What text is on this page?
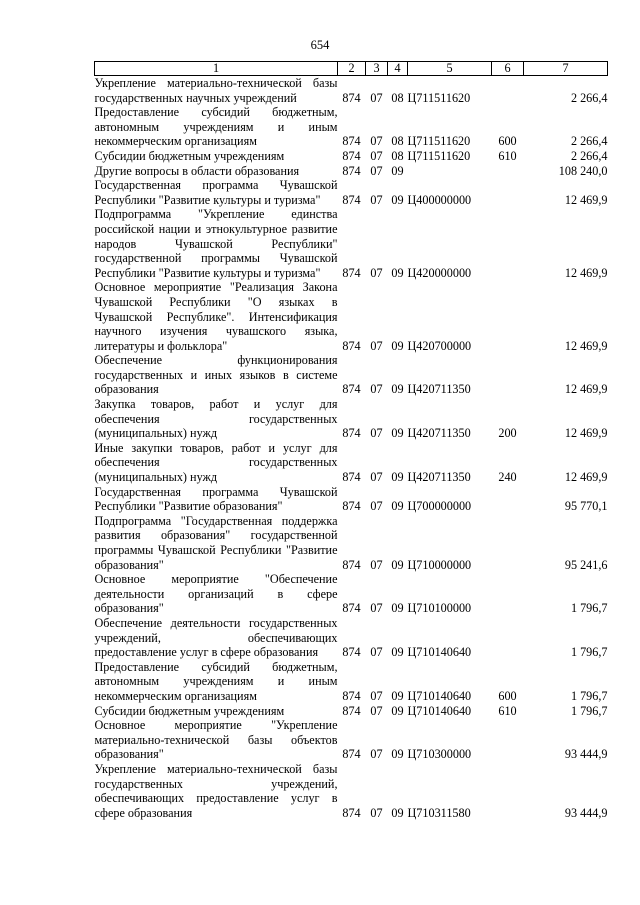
654
1	2	3	4	5	6	7
Укрепление материально-технической базы государственных научных учреждений	874	07	08	Ц711511620		2 266,4
Предоставление субсидий бюджетным, автономным учреждениям и иным некоммерческим организациям	874	07	08	Ц711511620	600	2 266,4
Субсидии бюджетным учреждениям	874	07	08	Ц711511620	610	2 266,4
Другие вопросы в области образования	874	07	09			108 240,0
Государственная программа Чувашской Республики "Развитие культуры и туризма"	874	07	09	Ц400000000		12 469,9
Подпрограмма "Укрепление единства российской нации и этнокультурное развитие народов Чувашской Республики" государственной программы Чувашской Республики "Развитие культуры и туризма"	874	07	09	Ц420000000		12 469,9
Основное мероприятие "Реализация Закона Чувашской Республики "О языках в Чувашской Республике". Интенсификация научного изучения чувашского языка, литературы и фольклора"	874	07	09	Ц420700000		12 469,9
Обеспечение функционирования государственных и иных языков в системе образования	874	07	09	Ц420711350		12 469,9
Закупка товаров, работ и услуг для обеспечения государственных (муниципальных) нужд	874	07	09	Ц420711350	200	12 469,9
Иные закупки товаров, работ и услуг для обеспечения государственных (муниципальных) нужд	874	07	09	Ц420711350	240	12 469,9
Государственная программа Чувашской Республики "Развитие образования"	874	07	09	Ц700000000		95 770,1
Подпрограмма "Государственная поддержка развития образования" государственной программы Чувашской Республики "Развитие образования"	874	07	09	Ц710000000		95 241,6
Основное мероприятие "Обеспечение деятельности организаций в сфере образования"	874	07	09	Ц710100000		1 796,7
Обеспечение деятельности государственных учреждений, обеспечивающих предоставление услуг в сфере образования	874	07	09	Ц710140640		1 796,7
Предоставление субсидий бюджетным, автономным учреждениям и иным некоммерческим организациям	874	07	09	Ц710140640	600	1 796,7
Субсидии бюджетным учреждениям	874	07	09	Ц710140640	610	1 796,7
Основное мероприятие "Укрепление материально-технической базы объектов образования"	874	07	09	Ц710300000		93 444,9
Укрепление материально-технической базы государственных учреждений, обеспечивающих предоставление услуг в сфере образования	874	07	09	Ц710311580		93 444,9
